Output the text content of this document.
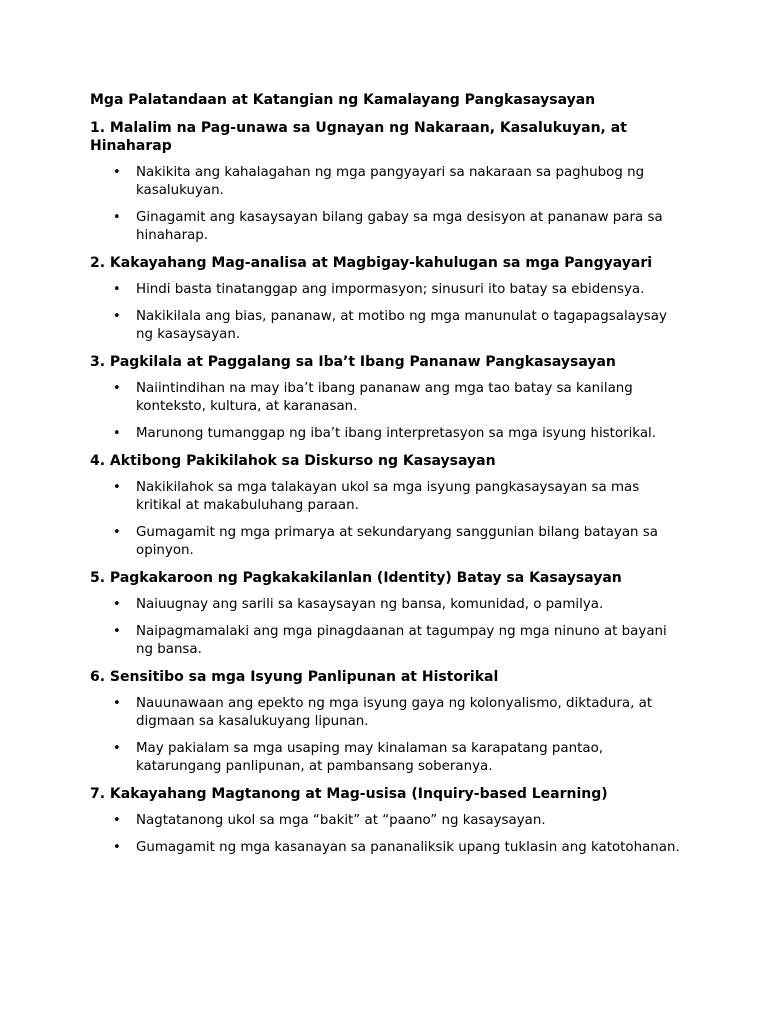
Mga Palatandaan at Katangian ng Kamalayang Pangkasaysayan
1. Malalim na Pag-unawa sa Ugnayan ng Nakaraan, Kasalukuyan, at Hinaharap
• Nakikita ang kahalagahan ng mga pangyayari sa nakaraan sa paghubog ng kasalukuyan.
• Ginagamit ang kasaysayan bilang gabay sa mga desisyon at pananaw para sa hinaharap.
2. Kakayahang Mag-analisa at Magbigay-kahulugan sa mga Pangyayari
• Hindi basta tinatanggap ang impormasyon; sinusuri ito batay sa ebidensya.
• Nakikilala ang bias, pananaw, at motibo ng mga manunulat o tagapagsalaysay ng kasaysayan.
3. Pagkilala at Paggalang sa Iba’t Ibang Pananaw Pangkasaysayan
• Naiintindihan na may iba’t ibang pananaw ang mga tao batay sa kanilang konteksto, kultura, at karanasan.
• Marunong tumanggap ng iba’t ibang interpretasyon sa mga isyung historikal.
4. Aktibong Pakikilahok sa Diskurso ng Kasaysayan
• Nakikilahok sa mga talakayan ukol sa mga isyung pangkasaysayan sa mas kritikal at makabuluhang paraan.
• Gumagamit ng mga primarya at sekundaryang sanggunian bilang batayan sa opinyon.
5. Pagkakaroon ng Pagkakakilanlan (Identity) Batay sa Kasaysayan
• Naiuugnay ang sarili sa kasaysayan ng bansa, komunidad, o pamilya.
• Naipagmamalaki ang mga pinagdaanan at tagumpay ng mga ninuno at bayani ng bansa.
6. Sensitibo sa mga Isyung Panlipunan at Historikal
• Nauunawaan ang epekto ng mga isyung gaya ng kolonyalismo, diktadura, at digmaan sa kasalukuyang lipunan.
• May pakialam sa mga usaping may kinalaman sa karapatang pantao, katarungang panlipunan, at pambansang soberanya.
7. Kakayahang Magtanong at Mag-usisa (Inquiry-based Learning)
• Nagtatanong ukol sa mga “bakit” at “paano” ng kasaysayan.
• Gumagamit ng mga kasanayan sa pananaliksik upang tuklasin ang katotohanan.
